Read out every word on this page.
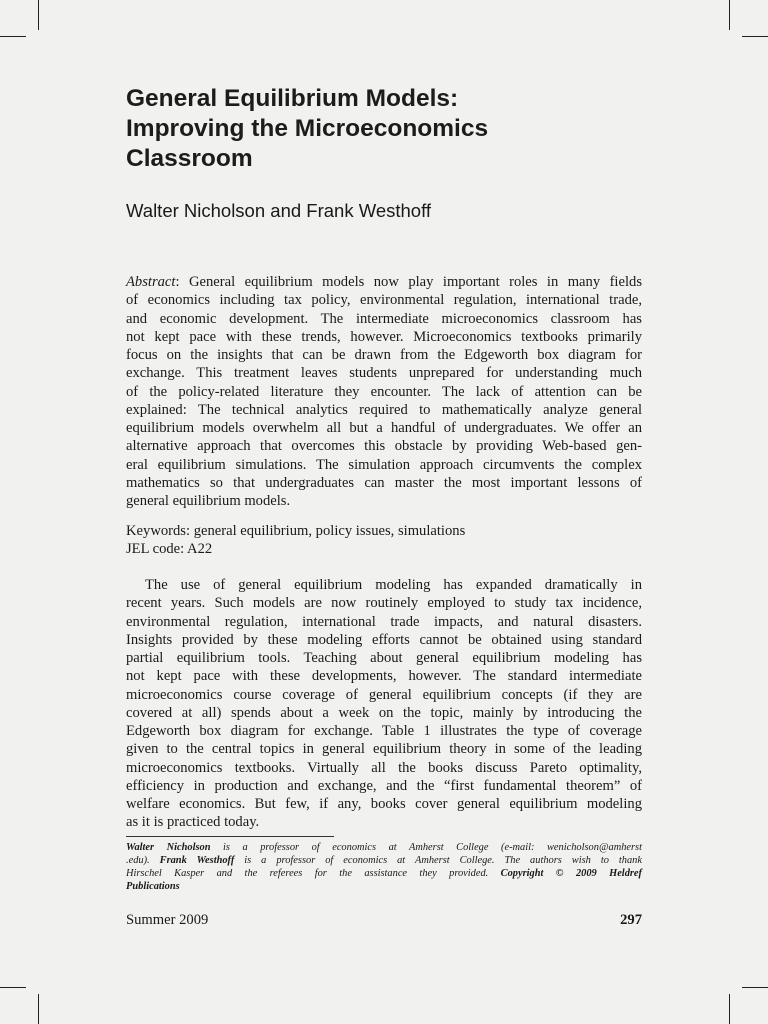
General Equilibrium Models:
Improving the Microeconomics
Classroom
Walter Nicholson and Frank Westhoff
Abstract: General equilibrium models now play important roles in many fields
of economics including tax policy, environmental regulation, international trade,
and economic development. The intermediate microeconomics classroom has
not kept pace with these trends, however. Microeconomics textbooks primarily
focus on the insights that can be drawn from the Edgeworth box diagram for
exchange. This treatment leaves students unprepared for understanding much
of the policy-related literature they encounter. The lack of attention can be
explained: The technical analytics required to mathematically analyze general
equilibrium models overwhelm all but a handful of undergraduates. We offer an
alternative approach that overcomes this obstacle by providing Web-based gen-
eral equilibrium simulations. The simulation approach circumvents the complex
mathematics so that undergraduates can master the most important lessons of
general equilibrium models.
Keywords: general equilibrium, policy issues, simulations
JEL code: A22
The use of general equilibrium modeling has expanded dramatically in
recent years. Such models are now routinely employed to study tax incidence,
environmental regulation, international trade impacts, and natural disasters.
Insights provided by these modeling efforts cannot be obtained using standard
partial equilibrium tools. Teaching about general equilibrium modeling has
not kept pace with these developments, however. The standard intermediate
microeconomics course coverage of general equilibrium concepts (if they are
covered at all) spends about a week on the topic, mainly by introducing the
Edgeworth box diagram for exchange. Table 1 illustrates the type of coverage
given to the central topics in general equilibrium theory in some of the leading
microeconomics textbooks. Virtually all the books discuss Pareto optimality,
efficiency in production and exchange, and the “first fundamental theorem” of
welfare economics. But few, if any, books cover general equilibrium modeling
as it is practiced today.
Walter Nicholson is a professor of economics at Amherst College (e-mail: wenicholson@amherst
.edu). Frank Westhoff is a professor of economics at Amherst College. The authors wish to thank
Hirschel Kasper and the referees for the assistance they provided. Copyright © 2009 Heldref
Publications
Summer 2009	297
